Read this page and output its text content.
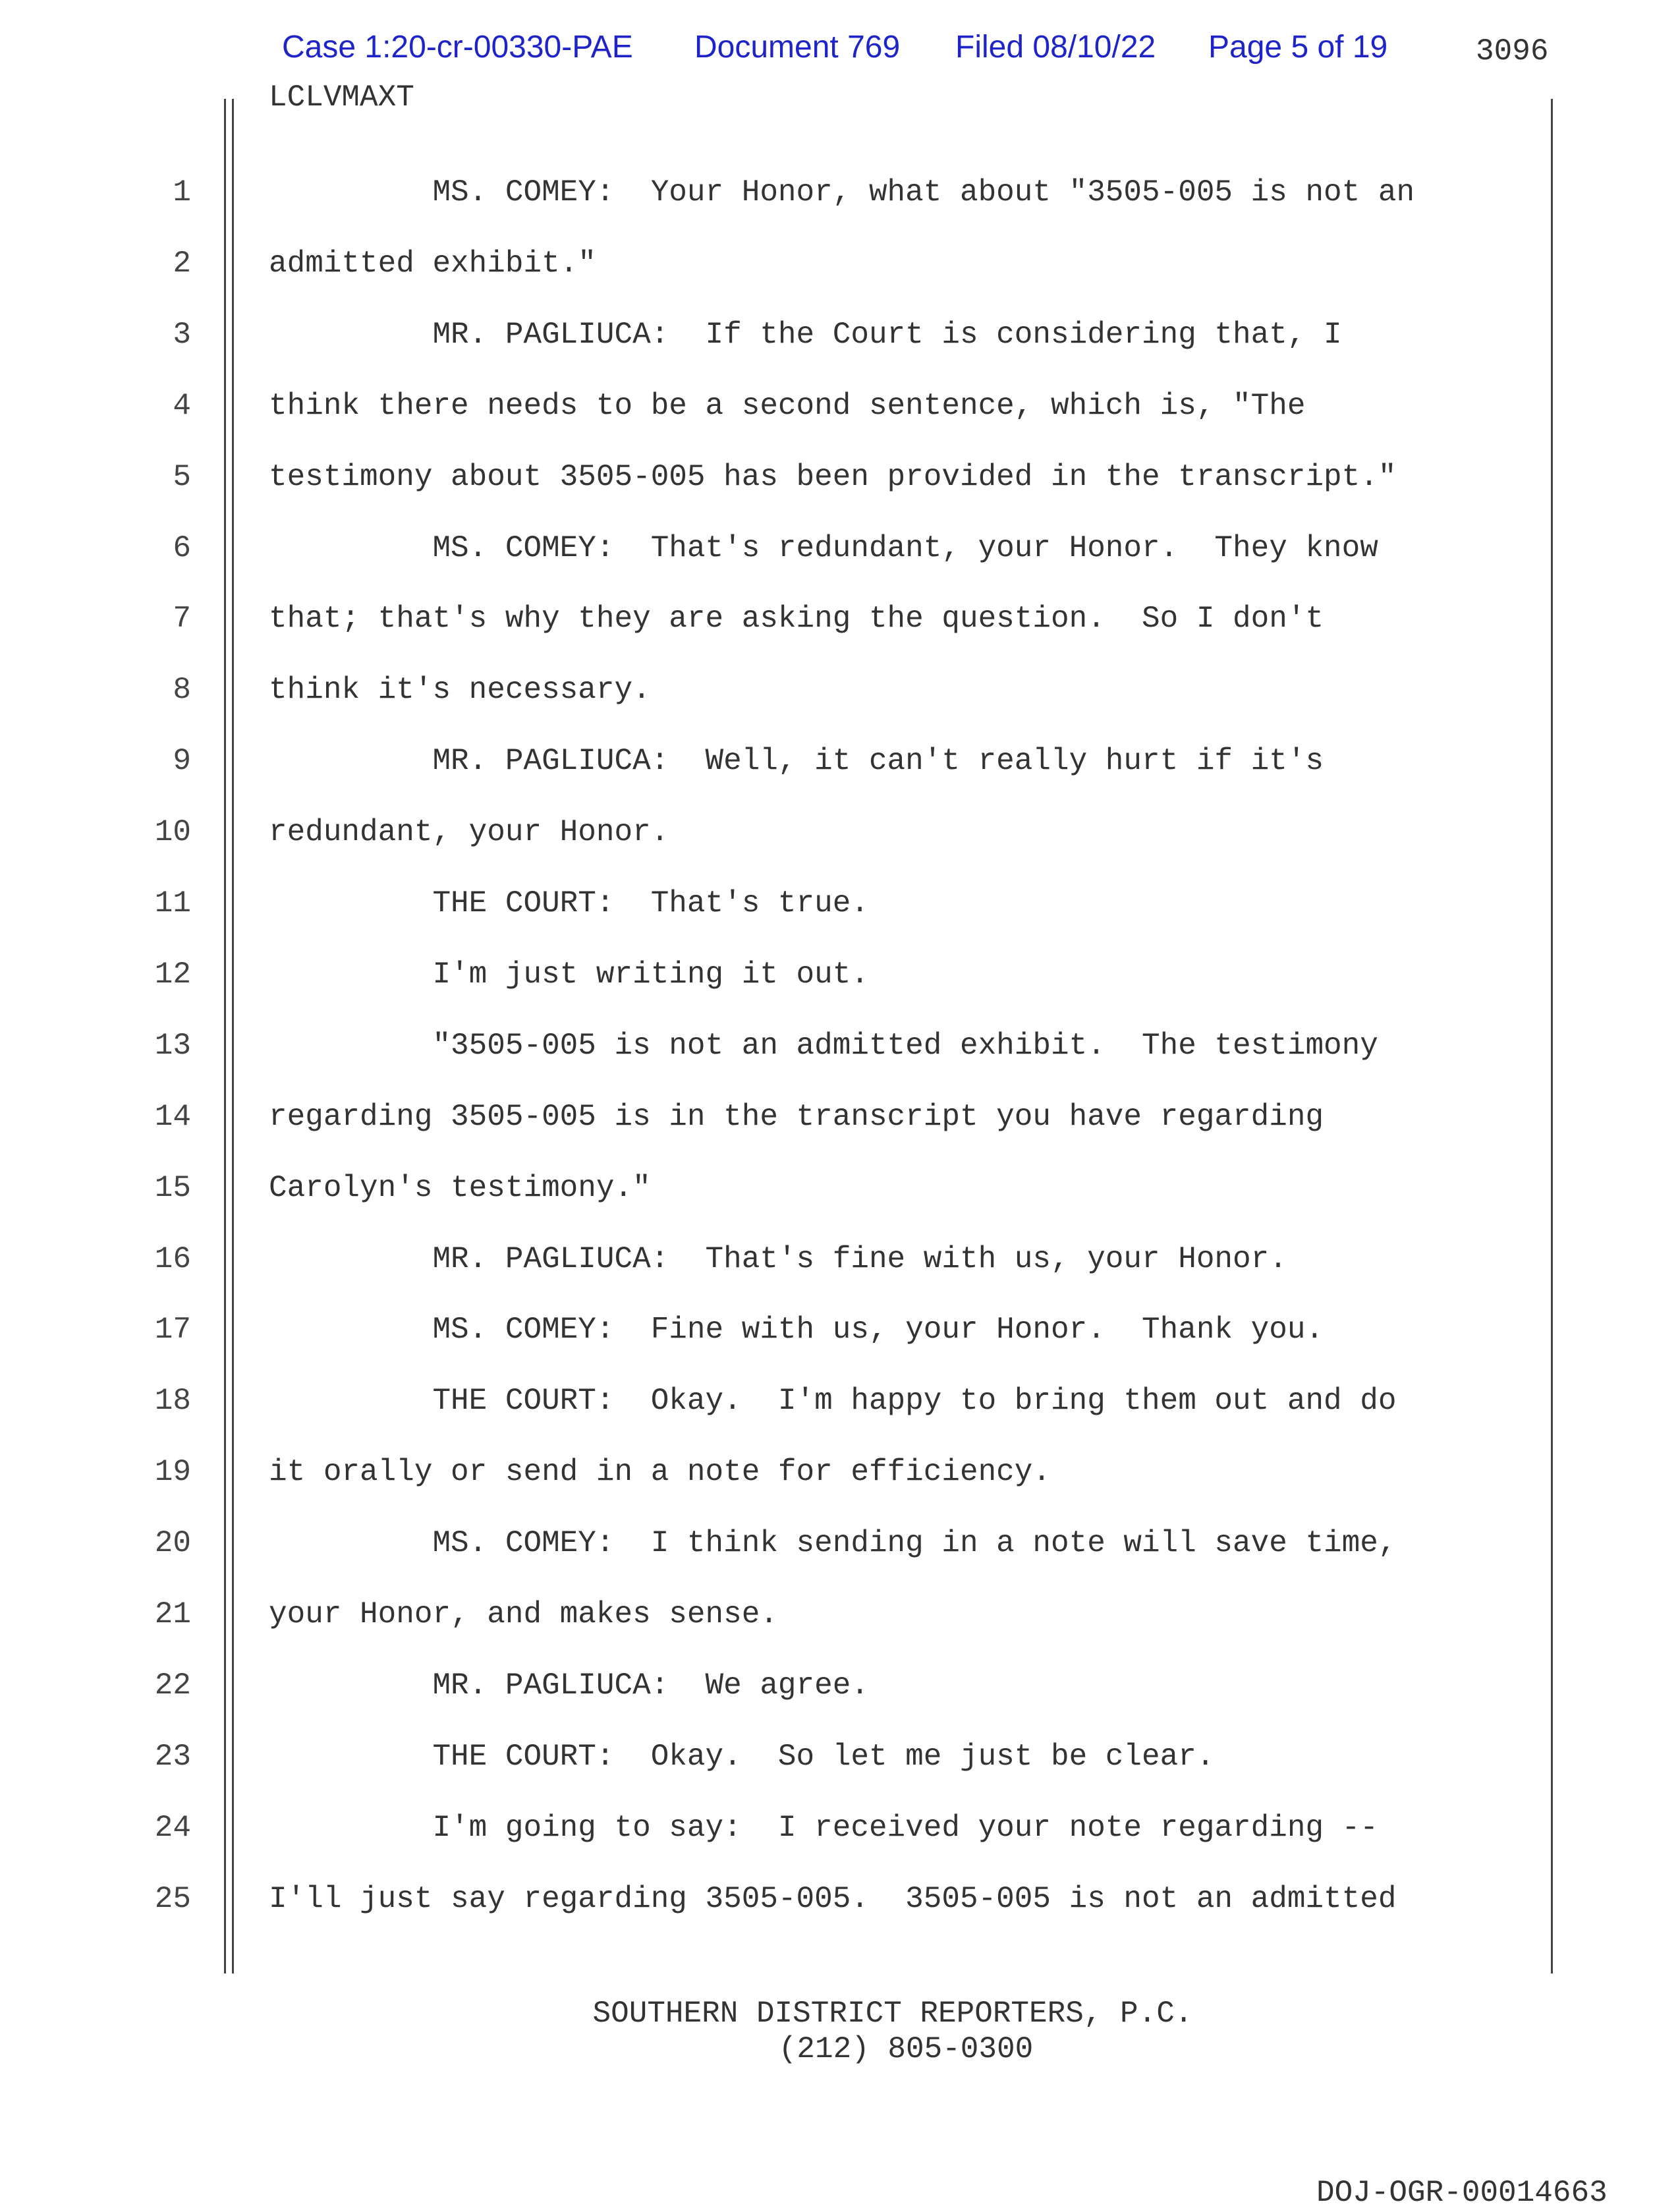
Case 1:20-cr-00330-PAE Document 769 Filed 08/10/22 Page 5 of 19	3096
LCLVMAXT
1	MS. COMEY:  Your Honor, what about "3505-005 is not an
2	admitted exhibit."
3	MR. PAGLIUCA:  If the Court is considering that, I
4	think there needs to be a second sentence, which is, "The
5	testimony about 3505-005 has been provided in the transcript."
6	MS. COMEY:  That's redundant, your Honor.  They know
7	that; that's why they are asking the question.  So I don't
8	think it's necessary.
9	MR. PAGLIUCA:  Well, it can't really hurt if it's
10	redundant, your Honor.
11	THE COURT:  That's true.
12	I'm just writing it out.
13	"3505-005 is not an admitted exhibit.  The testimony
14	regarding 3505-005 is in the transcript you have regarding
15	Carolyn's testimony."
16	MR. PAGLIUCA:  That's fine with us, your Honor.
17	MS. COMEY:  Fine with us, your Honor.  Thank you.
18	THE COURT:  Okay.  I'm happy to bring them out and do
19	it orally or send in a note for efficiency.
20	MS. COMEY:  I think sending in a note will save time,
21	your Honor, and makes sense.
22	MR. PAGLIUCA:  We agree.
23	THE COURT:  Okay.  So let me just be clear.
24	I'm going to say:  I received your note regarding --
25	I'll just say regarding 3505-005.  3505-005 is not an admitted
SOUTHERN DISTRICT REPORTERS, P.C.
(212) 805-0300
DOJ-OGR-00014663
